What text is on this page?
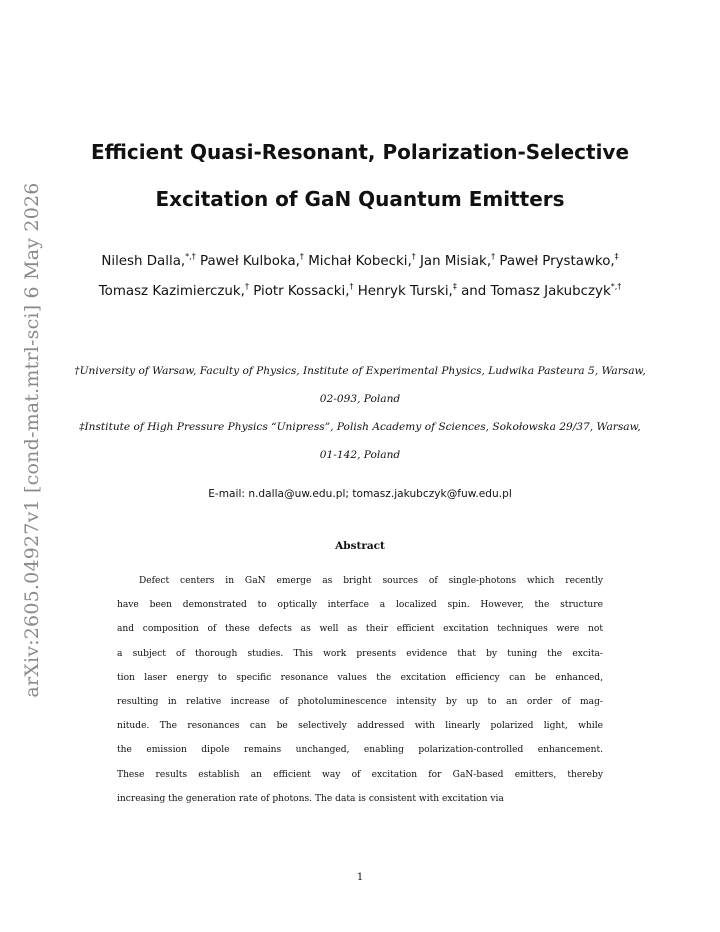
arXiv:2605.04927v1 [cond-mat.mtrl-sci] 6 May 2026
Efficient Quasi-Resonant, Polarization-Selective
Excitation of GaN Quantum Emitters
Nilesh Dalla,*,† Paweł Kulboka,† Michał Kobecki,† Jan Misiak,† Paweł Prystawko,‡ Tomasz Kazimierczuk,† Piotr Kossacki,† Henryk Turski,‡ and Tomasz Jakubczyk*,†
†University of Warsaw, Faculty of Physics, Institute of Experimental Physics, Ludwika Pasteura 5, Warsaw, 02-093, Poland
‡Institute of High Pressure Physics “Unipress”, Polish Academy of Sciences, Sokołowska 29/37, Warsaw, 01-142, Poland
E-mail: n.dalla@uw.edu.pl; tomasz.jakubczyk@fuw.edu.pl
Abstract
Defect centers in GaN emerge as bright sources of single-photons which recently
have been demonstrated to optically interface a localized spin. However, the structure
and composition of these defects as well as their efficient excitation techniques were not
a subject of thorough studies. This work presents evidence that by tuning the excita-
tion laser energy to specific resonance values the excitation efficiency can be enhanced,
resulting in relative increase of photoluminescence intensity by up to an order of mag-
nitude. The resonances can be selectively addressed with linearly polarized light, while
the emission dipole remains unchanged, enabling polarization-controlled enhancement.
These results establish an efficient way of excitation for GaN-based emitters, thereby
increasing the generation rate of photons. The data is consistent with excitation via
1
